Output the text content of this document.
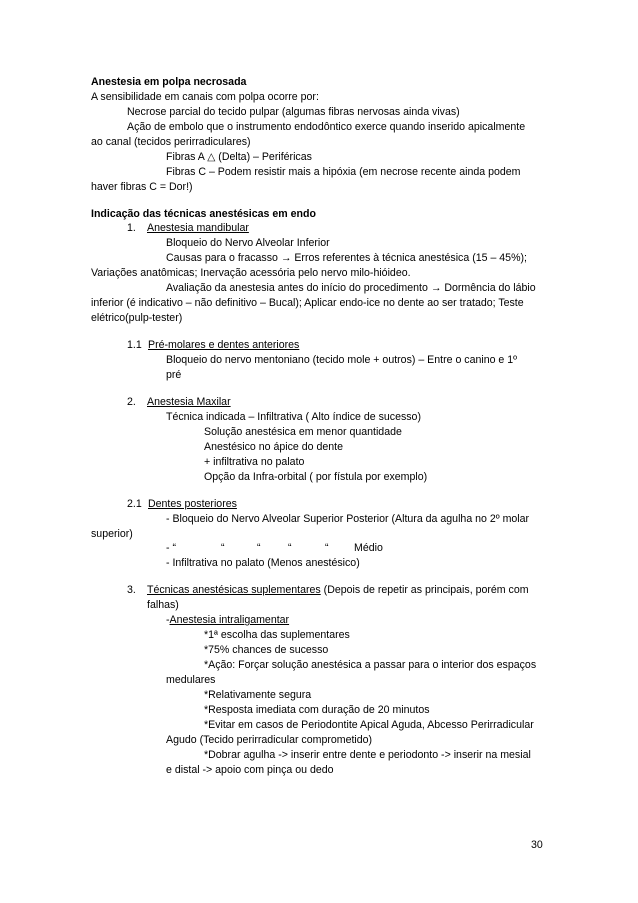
Anestesia em polpa necrosada
A sensibilidade em canais com polpa ocorre por:
Necrose parcial do tecido pulpar (algumas fibras nervosas ainda vivas)
Ação de embolo que o instrumento endodôntico exerce quando inserido apicalmente
ao canal (tecidos perirradiculares)
Fibras A △ (Delta) – Periféricas
Fibras C – Podem resistir mais a hipóxia (em necrose recente ainda podem
haver fibras C = Dor!)
Indicação das técnicas anestésicas em endo
1. Anestesia mandibular
Bloqueio do Nervo Alveolar Inferior
Causas para o fracasso → Erros referentes à técnica anestésica (15 – 45%);
Variações anatômicas; Inervação acessória pelo nervo milo-hióideo.
Avaliação da anestesia antes do início do procedimento → Dormência do lábio
inferior (é indicativo – não definitivo – Bucal); Aplicar endo-ice no dente ao ser tratado; Teste
elétrico(pulp-tester)
1.1 Pré-molares e dentes anteriores
Bloqueio do nervo mentoniano (tecido mole + outros) – Entre o canino e 1º
pré
2. Anestesia Maxilar
Técnica indicada – Infiltrativa ( Alto índice de sucesso)
Solução anestésica em menor quantidade
Anestésico no ápice do dente
+ infiltrativa no palato
Opção da Infra-orbital ( por fístula por exemplo)
2.1 Dentes posteriores
- Bloqueio do Nervo Alveolar Superior Posterior (Altura da agulha no 2º molar
superior)
- “	“	“	“	“ Médio
- Infiltrativa no palato (Menos anestésico)
3. Técnicas anestésicas suplementares (Depois de repetir as principais, porém com
falhas)
-Anestesia intraligamentar
*1ª escolha das suplementares
*75% chances de sucesso
*Ação: Forçar solução anestésica a passar para o interior dos espaços
medulares
*Relativamente segura
*Resposta imediata com duração de 20 minutos
*Evitar em casos de Periodontite Apical Aguda, Abcesso Perirradicular
Agudo (Tecido perirradicular comprometido)
*Dobrar agulha -> inserir entre dente e periodonto -> inserir na mesial
e distal -> apoio com pinça ou dedo
30
